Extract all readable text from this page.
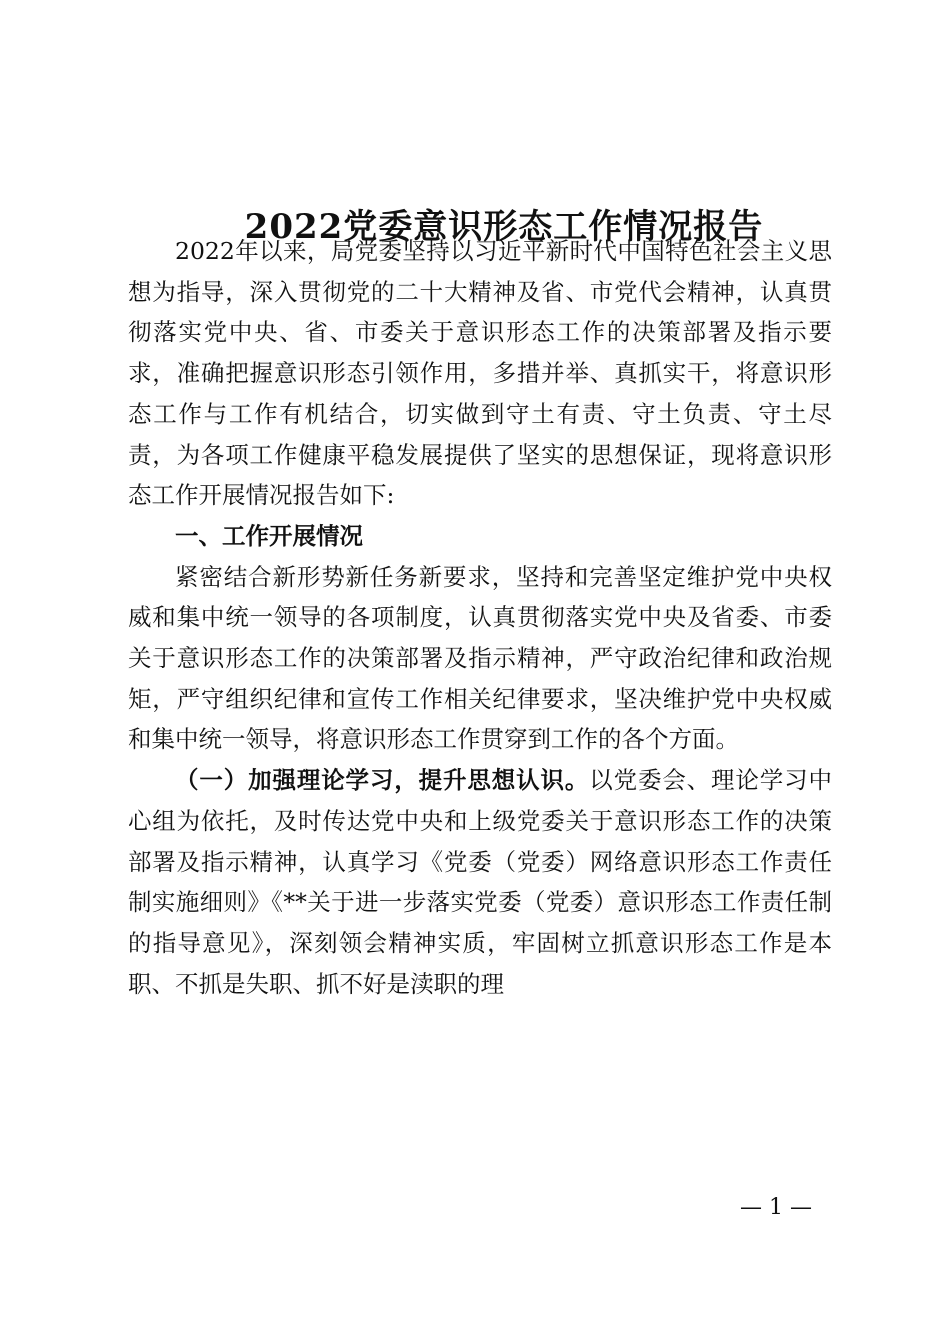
2022党委意识形态工作情况报告

2022年以来，局党委坚持以习近平新时代中国特色社会主义思想为指导，深入贯彻党的二十大精神及省、市党代会精神，认真贯彻落实党中央、省、市委关于意识形态工作的决策部署及指示要求，准确把握意识形态引领作用，多措并举、真抓实干，将意识形态工作与工作有机结合，切实做到守土有责、守土负责、守土尽责，为各项工作健康平稳发展提供了坚实的思想保证，现将意识形态工作开展情况报告如下:

一、工作开展情况

紧密结合新形势新任务新要求，坚持和完善坚定维护党中央权威和集中统一领导的各项制度，认真贯彻落实党中央及省委、市委关于意识形态工作的决策部署及指示精神，严守政治纪律和政治规矩，严守组织纪律和宣传工作相关纪律要求，坚决维护党中央权威和集中统一领导，将意识形态工作贯穿到工作的各个方面。

（一）加强理论学习，提升思想认识。以党委会、理论学习中心组为依托，及时传达党中央和上级党委关于意识形态工作的决策部署及指示精神，认真学习《党委（党委）网络意识形态工作责任制实施细则》《**关于进一步落实党委（党委）意识形态工作责任制的指导意见》，深刻领会精神实质，牢固树立抓意识形态工作是本职、不抓是失职、抓不好是渎职的理

— 1 —
